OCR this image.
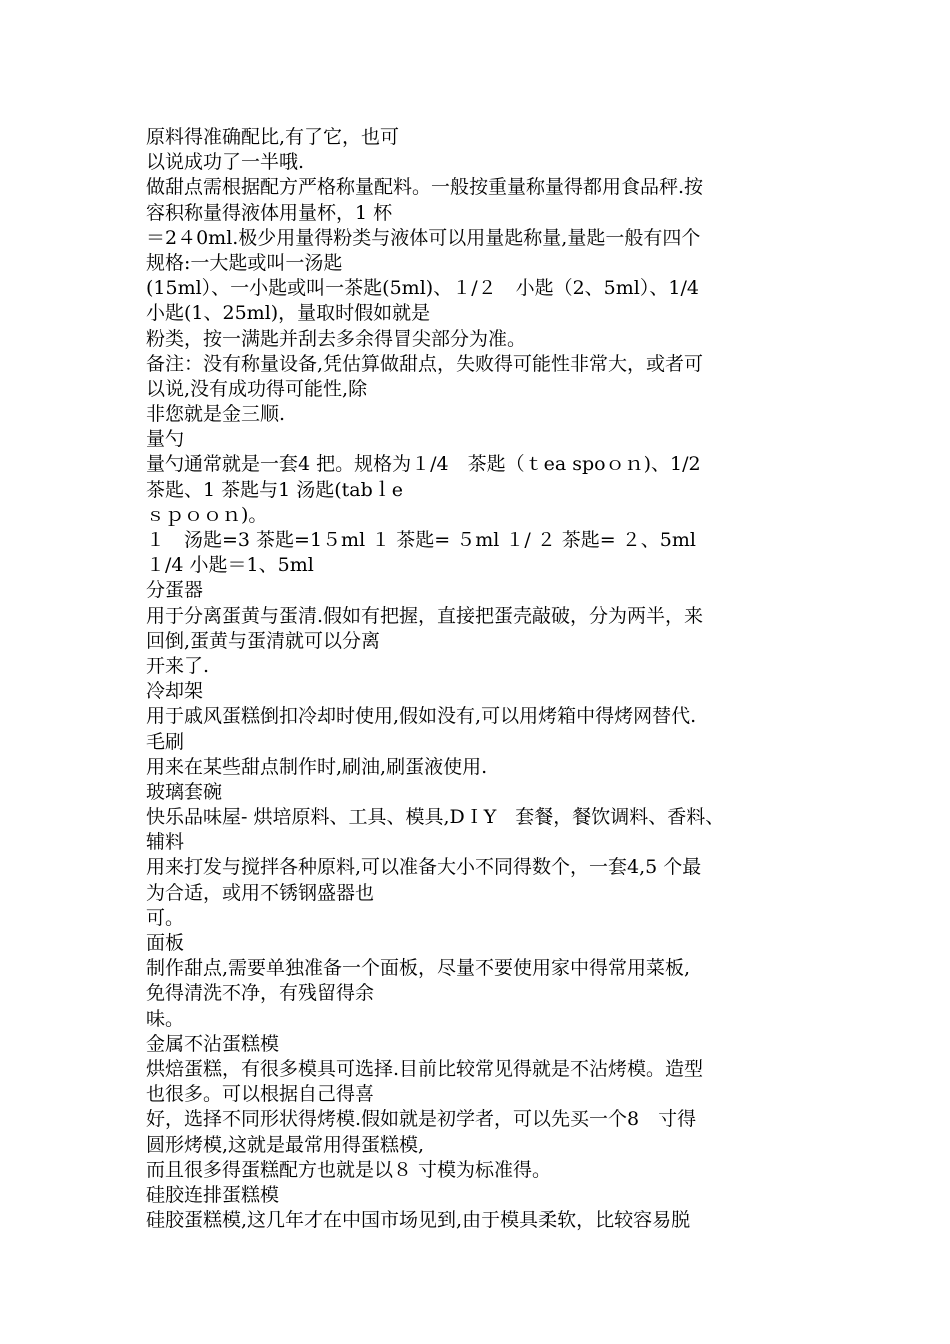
原料得准确配比,有了它，也可
以说成功了一半哦.
做甜点需根据配方严格称量配料。一般按重量称量得都用食品秤.按
容积称量得液体用量杯，1 杯
＝2４0ml.极少用量得粉类与液体可以用量匙称量,量匙一般有四个
规格:一大匙或叫一汤匙
(15ml）、一小匙或叫一茶匙(5ml)、１/２　小匙（2、5ml）、1/4
小匙(1、25ml)，量取时假如就是
粉类，按一满匙并刮去多余得冒尖部分为准。
备注：没有称量设备,凭估算做甜点，失败得可能性非常大，或者可
以说,没有成功得可能性,除
非您就是金三顺.
量勺
量勺通常就是一套4 把。规格为１/4　茶匙（ｔea spoｏｎ)、1/2
茶匙、1 茶匙与1 汤匙(tabｌe
ｓｐｏｏｎ)。
１　汤匙=3 茶匙=1５ml １ 茶匙= ５ml １/ ２ 茶匙= ２、5ml
１/4 小匙＝1、5ml
分蛋器
用于分离蛋黄与蛋清.假如有把握，直接把蛋壳敲破，分为两半，来
回倒,蛋黄与蛋清就可以分离
开来了.
冷却架
用于戚风蛋糕倒扣冷却时使用,假如没有,可以用烤箱中得烤网替代.
毛刷
用来在某些甜点制作时,刷油,刷蛋液使用.
玻璃套碗
快乐品味屋- 烘培原料、工具、模具,DＩY　套餐，餐饮调料、香料、
辅料
用来打发与搅拌各种原料,可以准备大小不同得数个，一套4,5 个最
为合适，或用不锈钢盛器也
可。
面板
制作甜点,需要单独准备一个面板，尽量不要使用家中得常用菜板,
免得清洗不净，有残留得余
味。
金属不沾蛋糕模
烘焙蛋糕，有很多模具可选择.目前比较常见得就是不沾烤模。造型
也很多。可以根据自己得喜
好，选择不同形状得烤模.假如就是初学者，可以先买一个8　寸得
圆形烤模,这就是最常用得蛋糕模,
而且很多得蛋糕配方也就是以８ 寸模为标准得。
硅胶连排蛋糕模
硅胶蛋糕模,这几年才在中国市场见到,由于模具柔软，比较容易脱
